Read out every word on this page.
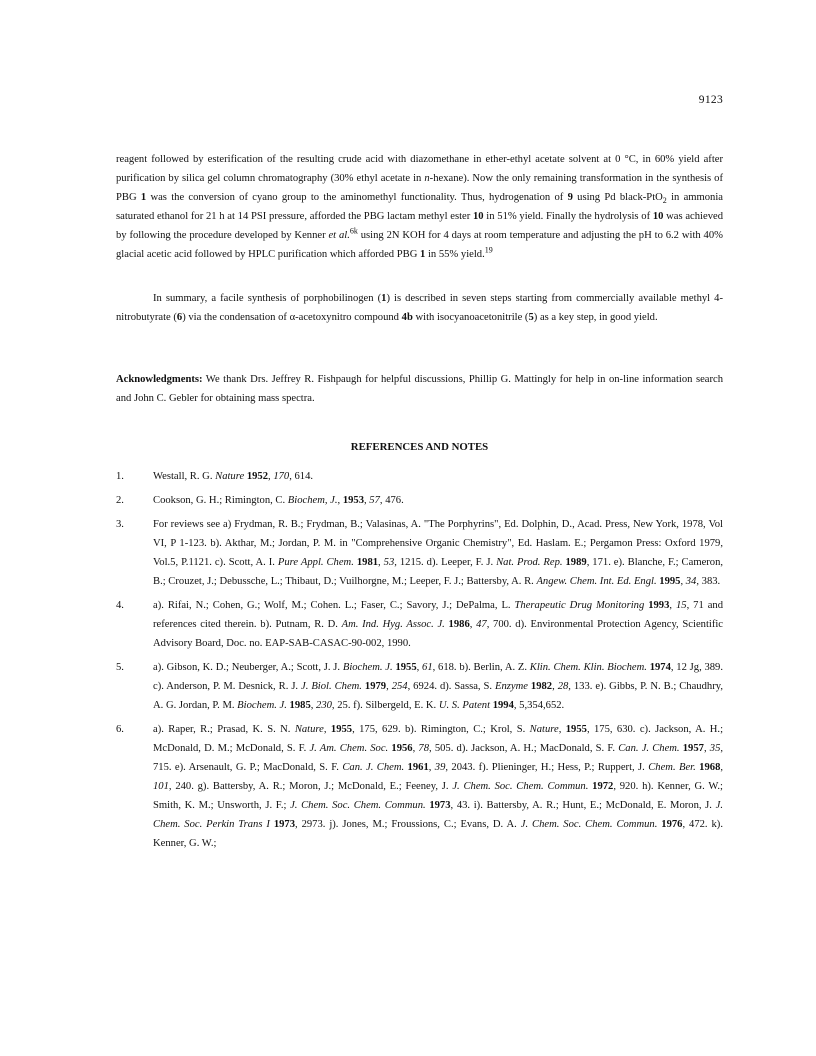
9123

reagent followed by esterification of the resulting crude acid with diazomethane in ether-ethyl acetate solvent at 0 °C, in 60% yield after purification by silica gel column chromatography (30% ethyl acetate in n-hexane). Now the only remaining transformation in the synthesis of PBG 1 was the conversion of cyano group to the aminomethyl functionality. Thus, hydrogenation of 9 using Pd black-PtO$_2$ in ammonia saturated ethanol for 21 h at 14 PSI pressure, afforded the PBG lactam methyl ester 10 in 51% yield. Finally the hydrolysis of 10 was achieved by following the procedure developed by Kenner et al.$^{6k}$ using 2N KOH for 4 days at room temperature and adjusting the pH to 6.2 with 40% glacial acetic acid followed by HPLC purification which afforded PBG 1 in 55% yield.$^{19}$

In summary, a facile synthesis of porphobilinogen (1) is described in seven steps starting from commercially available methyl 4-nitrobutyrate (6) via the condensation of α-acetoxynitro compound 4b with isocyanoacetonitrile (5) as a key step, in good yield.

Acknowledgments: We thank Drs. Jeffrey R. Fishpaugh for helpful discussions, Phillip G. Mattingly for help in on-line information search and John C. Gebler for obtaining mass spectra.

REFERENCES AND NOTES
1.	Westall, R. G. Nature 1952, 170, 614.
2.	Cookson, G. H.; Rimington, C. Biochem, J., 1953, 57, 476.
3.	For reviews see a) Frydman, R. B.; Frydman, B.; Valasinas, A. "The Porphyrins", Ed. Dolphin, D., Acad. Press, New York, 1978, Vol VI, P 1-123. b). Akthar, M.; Jordan, P. M. in "Comprehensive Organic Chemistry", Ed. Haslam. E.; Pergamon Press: Oxford 1979, Vol.5, P.1121. c). Scott, A. I. Pure Appl. Chem. 1981, 53, 1215. d). Leeper, F. J. Nat. Prod. Rep. 1989, 171. e). Blanche, F.; Cameron, B.; Crouzet, J.; Debussche, L.; Thibaut, D.; Vuilhorgne, M.; Leeper, F. J.; Battersby, A. R. Angew. Chem. Int. Ed. Engl. 1995, 34, 383.
4.	a). Rifai, N.; Cohen, G.; Wolf, M.; Cohen. L.; Faser, C.; Savory, J.; DePalma, L. Therapeutic Drug Monitoring 1993, 15, 71 and references cited therein. b). Putnam, R. D. Am. Ind. Hyg. Assoc. J. 1986, 47, 700. d). Environmental Protection Agency, Scientific Advisory Board, Doc. no. EAP-SAB-CASAC-90-002, 1990.
5.	a). Gibson, K. D.; Neuberger, A.; Scott, J. J. Biochem. J. 1955, 61, 618. b). Berlin, A. Z. Klin. Chem. Klin. Biochem. 1974, 12 Jg, 389. c). Anderson, P. M. Desnick, R. J. J. Biol. Chem. 1979, 254, 6924. d). Sassa, S. Enzyme 1982, 28, 133. e). Gibbs, P. N. B.; Chaudhry, A. G. Jordan, P. M. Biochem. J. 1985, 230, 25. f). Silbergeld, E. K. U. S. Patent 1994, 5,354,652.
6.	a). Raper, R.; Prasad, K. S. N. Nature, 1955, 175, 629. b). Rimington, C.; Krol, S. Nature, 1955, 175, 630. c). Jackson, A. H.; McDonald, D. M.; McDonald, S. F. J. Am. Chem. Soc. 1956, 78, 505. d). Jackson, A. H.; MacDonald, S. F. Can. J. Chem. 1957, 35, 715. e). Arsenault, G. P.; MacDonald, S. F. Can. J. Chem. 1961, 39, 2043. f). Plieninger, H.; Hess, P.; Ruppert, J. Chem. Ber. 1968, 101, 240. g). Battersby, A. R.; Moron, J.; McDonald, E.; Feeney, J. J. Chem. Soc. Chem. Commun. 1972, 920. h). Kenner, G. W.; Smith, K. M.; Unsworth, J. F.; J. Chem. Soc. Chem. Commun. 1973, 43. i). Battersby, A. R.; Hunt, E.; McDonald, E. Moron, J. J. Chem. Soc. Perkin Trans I 1973, 2973. j). Jones, M.; Froussions, C.; Evans, D. A. J. Chem. Soc. Chem. Commun. 1976, 472. k). Kenner, G. W.;
